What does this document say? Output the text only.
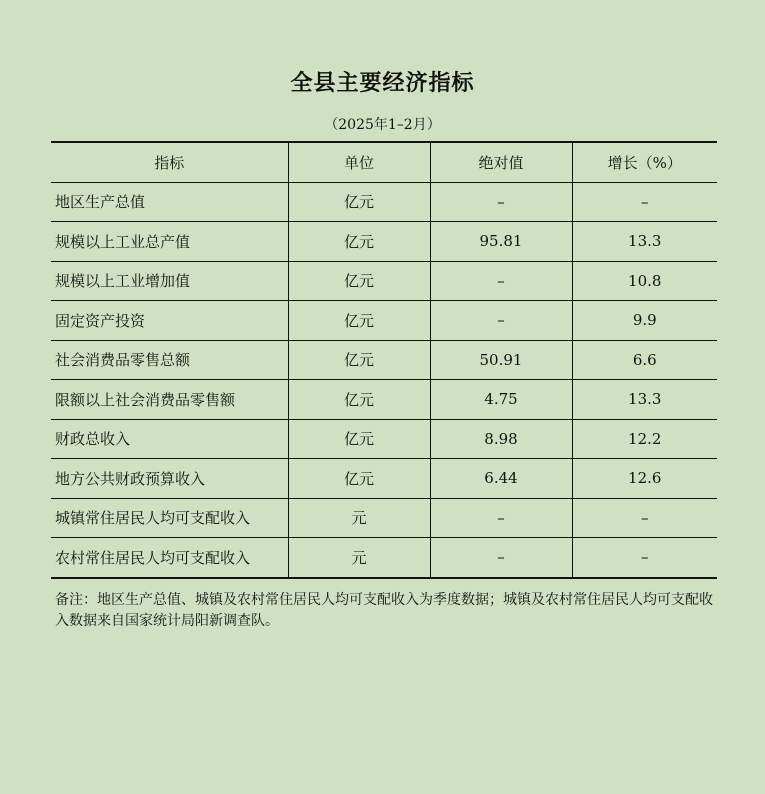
全县主要经济指标
（2025年1–2月）
指标	单位	绝对值	增长（%）
地区生产总值	亿元	–	–
规模以上工业总产值	亿元	95.81	13.3
规模以上工业增加值	亿元	–	10.8
固定资产投资	亿元	–	9.9
社会消费品零售总额	亿元	50.91	6.6
限额以上社会消费品零售额	亿元	4.75	13.3
财政总收入	亿元	8.98	12.2
地方公共财政预算收入	亿元	6.44	12.6
城镇常住居民人均可支配收入	元	–	–
农村常住居民人均可支配收入	元	–	–
备注：地区生产总值、城镇及农村常住居民人均可支配收入为季度数据；城镇及农村常住居民人均可支配收入数据来自国家统计局阳新调查队。
